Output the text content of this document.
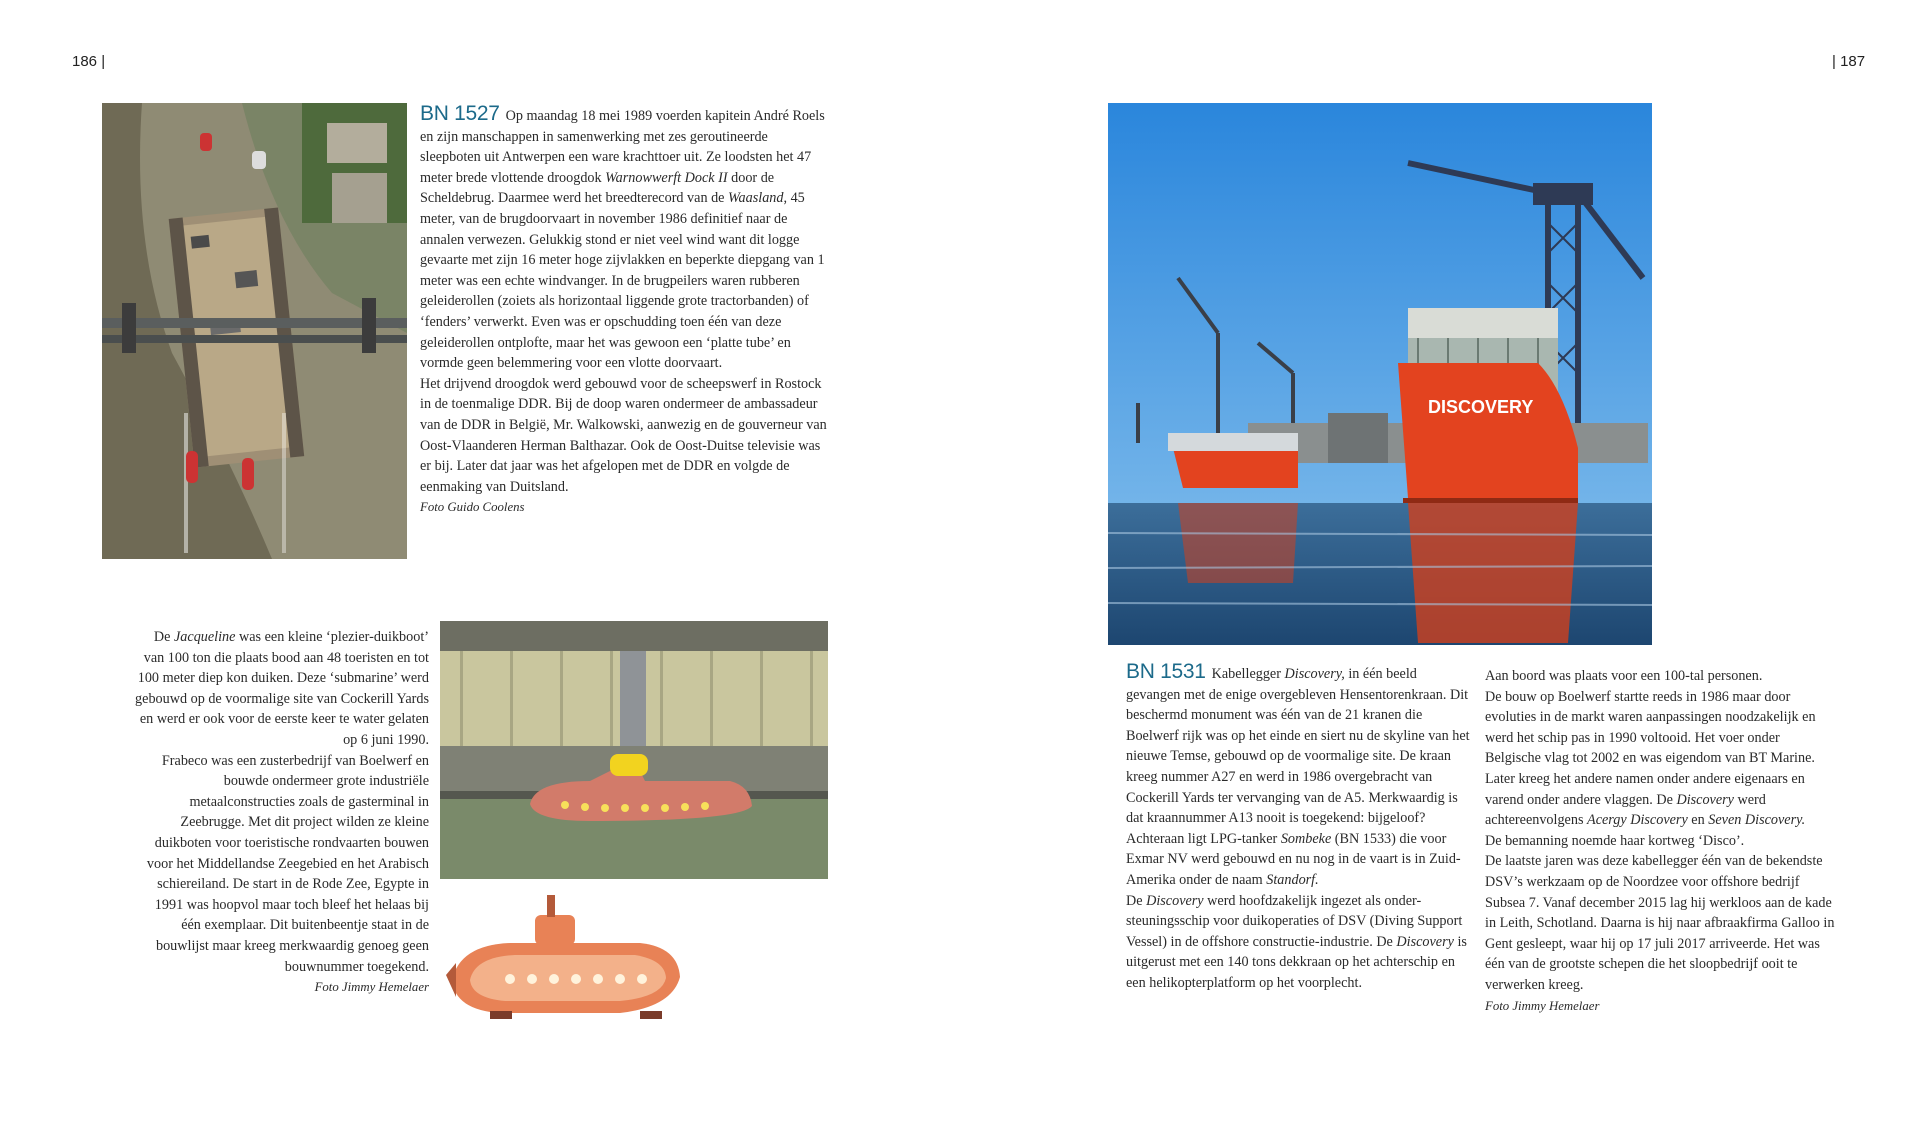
186 |	| 187

BN 1527 Op maandag 18 mei 1989 voerden kapitein André Roels en zijn manschappen in samenwerking met zes geroutineerde sleepboten uit Antwerpen een ware krachttoer uit. Ze loodsten het 47 meter brede vlottende droogdok Warnowwerft Dock II door de Scheldebrug. Daarmee werd het breedterecord van de Waasland, 45 meter, van de brugdoorvaart in november 1986 definitief naar de annalen verwezen. Gelukkig stond er niet veel wind want dit logge gevaarte met zijn 16 meter hoge zijvlakken en beperkte diepgang van 1 meter was een echte windvanger. In de brugpeilers waren rubberen geleiderollen (zoiets als horizontaal liggende grote tractorbanden) of ‘fenders’ verwerkt. Even was er opschudding toen één van deze geleiderollen ontplofte, maar het was gewoon een ‘platte tube’ en vormde geen belemmering voor een vlotte doorvaart.

Het drijvend droogdok werd gebouwd voor de scheepswerf in Rostock in de toenmalige DDR. Bij de doop waren ondermeer de ambassadeur van de DDR in België, Mr. Walkowski, aanwezig en de gouverneur van Oost-Vlaanderen Herman Balthazar. Ook de Oost-Duitse televisie was er bij. Later dat jaar was het afgelopen met de DDR en volgde de eenmaking van Duitsland.

Foto Guido Coolens

De Jacqueline was een kleine ‘plezier-duikboot’ van 100 ton die plaats bood aan 48 toeristen en tot 100 meter diep kon duiken. Deze ‘submarine’ werd gebouwd op de voormalige site van Cockerill Yards en werd er ook voor de eerste keer te water gelaten op 6 juni 1990.

Frabeco was een zusterbedrijf van Boelwerf en bouwde ondermeer grote industriële metaalconstructies zoals de gasterminal in Zeebrugge. Met dit project wilden ze kleine duikboten voor toeristische rondvaarten bouwen voor het Middellandse Zeegebied en het Arabisch schiereiland. De start in de Rode Zee, Egypte in 1991 was hoopvol maar toch bleef het helaas bij één exemplaar. Dit buitenbeentje staat in de bouwlijst maar kreeg merkwaardig genoeg geen bouwnummer toegekend.

Foto Jimmy Hemelaer

DISCOVERY

BN 1531 Kabellegger Discovery, in één beeld gevangen met de enige overgebleven Hensentorenkraan. Dit beschermd monument was één van de 21 kranen die Boelwerf rijk was op het einde en siert nu de skyline van het nieuwe Temse, gebouwd op de voormalige site. De kraan kreeg nummer A27 en werd in 1986 overgebracht van Cockerill Yards ter vervanging van de A5. Merkwaardig is dat kraannummer A13 nooit is toegekend: bijgeloof?

Achteraan ligt LPG-tanker Sombeke (BN 1533) die voor Exmar NV werd gebouwd en nu nog in de vaart is in Zuid-Amerika onder de naam Standorf.

De Discovery werd hoofdzakelijk ingezet als onder-steuningsschip voor duikoperaties of DSV (Diving Support Vessel) in de offshore constructie-industrie. De Discovery is uitgerust met een 140 tons dekkraan op het achterschip en een helikopterplatform op het voorplecht.

Aan boord was plaats voor een 100-tal personen.

De bouw op Boelwerf startte reeds in 1986 maar door evoluties in de markt waren aanpassingen noodzakelijk en werd het schip pas in 1990 voltooid. Het voer onder Belgische vlag tot 2002 en was eigendom van BT Marine. Later kreeg het andere namen onder andere eigenaars en varend onder andere vlaggen. De Discovery werd achtereenvolgens Acergy Discovery en Seven Discovery.

De bemanning noemde haar kortweg ‘Disco’.

De laatste jaren was deze kabellegger één van de bekendste DSV’s werkzaam op de Noordzee voor offshore bedrijf Subsea 7. Vanaf december 2015 lag hij werkloos aan de kade in Leith, Schotland. Daarna is hij naar afbraakfirma Galloo in Gent gesleept, waar hij op 17 juli 2017 arriveerde. Het was één van de grootste schepen die het sloopbedrijf ooit te verwerken kreeg.

Foto Jimmy Hemelaer
